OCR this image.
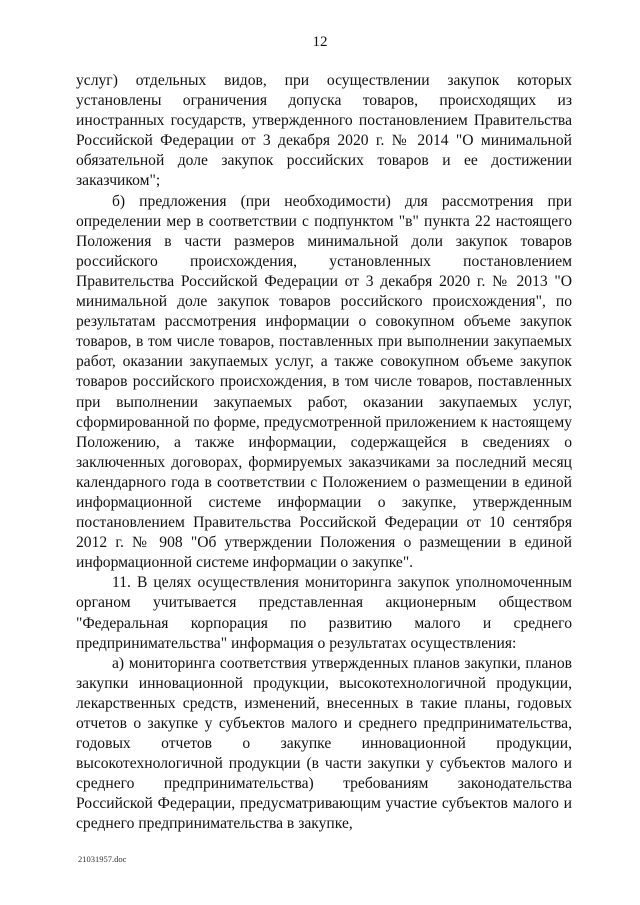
12

услуг) отдельных видов, при осуществлении закупок которых установлены ограничения допуска товаров, происходящих из иностранных государств, утвержденного постановлением Правительства Российской Федерации от 3 декабря 2020 г. № 2014 "О минимальной обязательной доле закупок российских товаров и ее достижении заказчиком";

б) предложения (при необходимости) для рассмотрения при определении мер в соответствии с подпунктом "в" пункта 22 настоящего Положения в части размеров минимальной доли закупок товаров российского происхождения, установленных постановлением Правительства Российской Федерации от 3 декабря 2020 г. № 2013 "О минимальной доле закупок товаров российского происхождения", по результатам рассмотрения информации о совокупном объеме закупок товаров, в том числе товаров, поставленных при выполнении закупаемых работ, оказании закупаемых услуг, а также совокупном объеме закупок товаров российского происхождения, в том числе товаров, поставленных при выполнении закупаемых работ, оказании закупаемых услуг, сформированной по форме, предусмотренной приложением к настоящему Положению, а также информации, содержащейся в сведениях о заключенных договорах, формируемых заказчиками за последний месяц календарного года в соответствии с Положением о размещении в единой информационной системе информации о закупке, утвержденным постановлением Правительства Российской Федерации от 10 сентября 2012 г. № 908 "Об утверждении Положения о размещении в единой информационной системе информации о закупке".

11. В целях осуществления мониторинга закупок уполномоченным органом учитывается представленная акционерным обществом "Федеральная корпорация по развитию малого и среднего предпринимательства" информация о результатах осуществления:

а) мониторинга соответствия утвержденных планов закупки, планов закупки инновационной продукции, высокотехнологичной продукции, лекарственных средств, изменений, внесенных в такие планы, годовых отчетов о закупке у субъектов малого и среднего предпринимательства, годовых отчетов о закупке инновационной продукции, высокотехнологичной продукции (в части закупки у субъектов малого и среднего предпринимательства) требованиям законодательства Российской Федерации, предусматривающим участие субъектов малого и среднего предпринимательства в закупке,

21031957.doc
